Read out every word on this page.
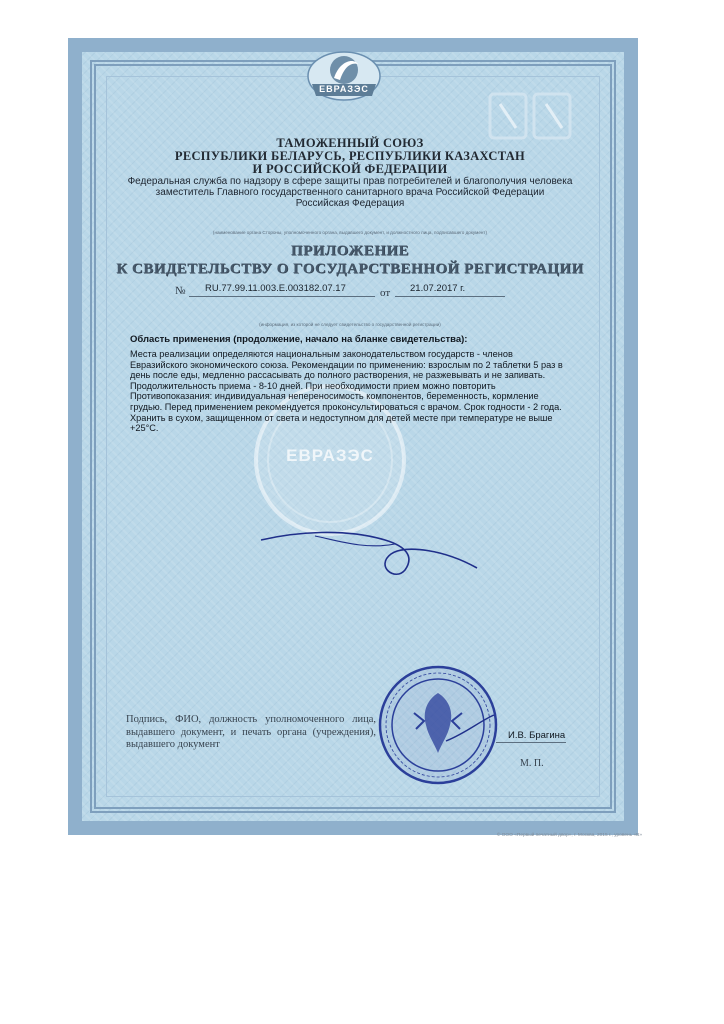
ЕВРАЗЭС
ТАМОЖЕННЫЙ СОЮЗ
РЕСПУБЛИКИ БЕЛАРУСЬ, РЕСПУБЛИКИ КАЗАХСТАН
И РОССИЙСКОЙ ФЕДЕРАЦИИ
Федеральная служба по надзору в сфере защиты прав потребителей и благополучия человека
заместитель Главного государственного санитарного врача Российской Федерации
Российская Федерация
(наименование органа Стороны, уполномоченного органа, выдавшего документ, и должностного лица, подписавшего документ)
ПРИЛОЖЕНИЕ
К СВИДЕТЕЛЬСТВУ О ГОСУДАРСТВЕННОЙ РЕГИСТРАЦИИ
№ RU.77.99.11.003.Е.003182.07.17	от 21.07.2017 г.
(информация, из которой не следует свидетельство о государственной регистрации)
ЕВРАЗЭС
Область применения (продолжение, начало на бланке свидетельства):

Места реализации определяются национальным законодательством государств - членов Евразийского экономического союза. Рекомендации по применению: взрослым по 2 таблетки 5 раз в день после еды, медленно рассасывать до полного растворения, не разжевывать и не запивать. Продолжительность приема - 8-10 дней. При необходимости прием можно повторить Противопоказания: индивидуальная непереносимость компонентов, беременность, кормление грудью. Перед применением рекомендуется проконсультироваться с врачом. Срок годности - 2 года. Хранить в сухом, защищенном от света и недоступном для детей месте при температуре не выше +25°С.

Подпись, ФИО, должность уполномоченного лица, выдавшего документ, и печать органа (учреждения), выдавшего документ
И.В. Брагина
М. П.
© ООО «Первый печатный двор», г. Москва, 2015 г., уровень «В»
